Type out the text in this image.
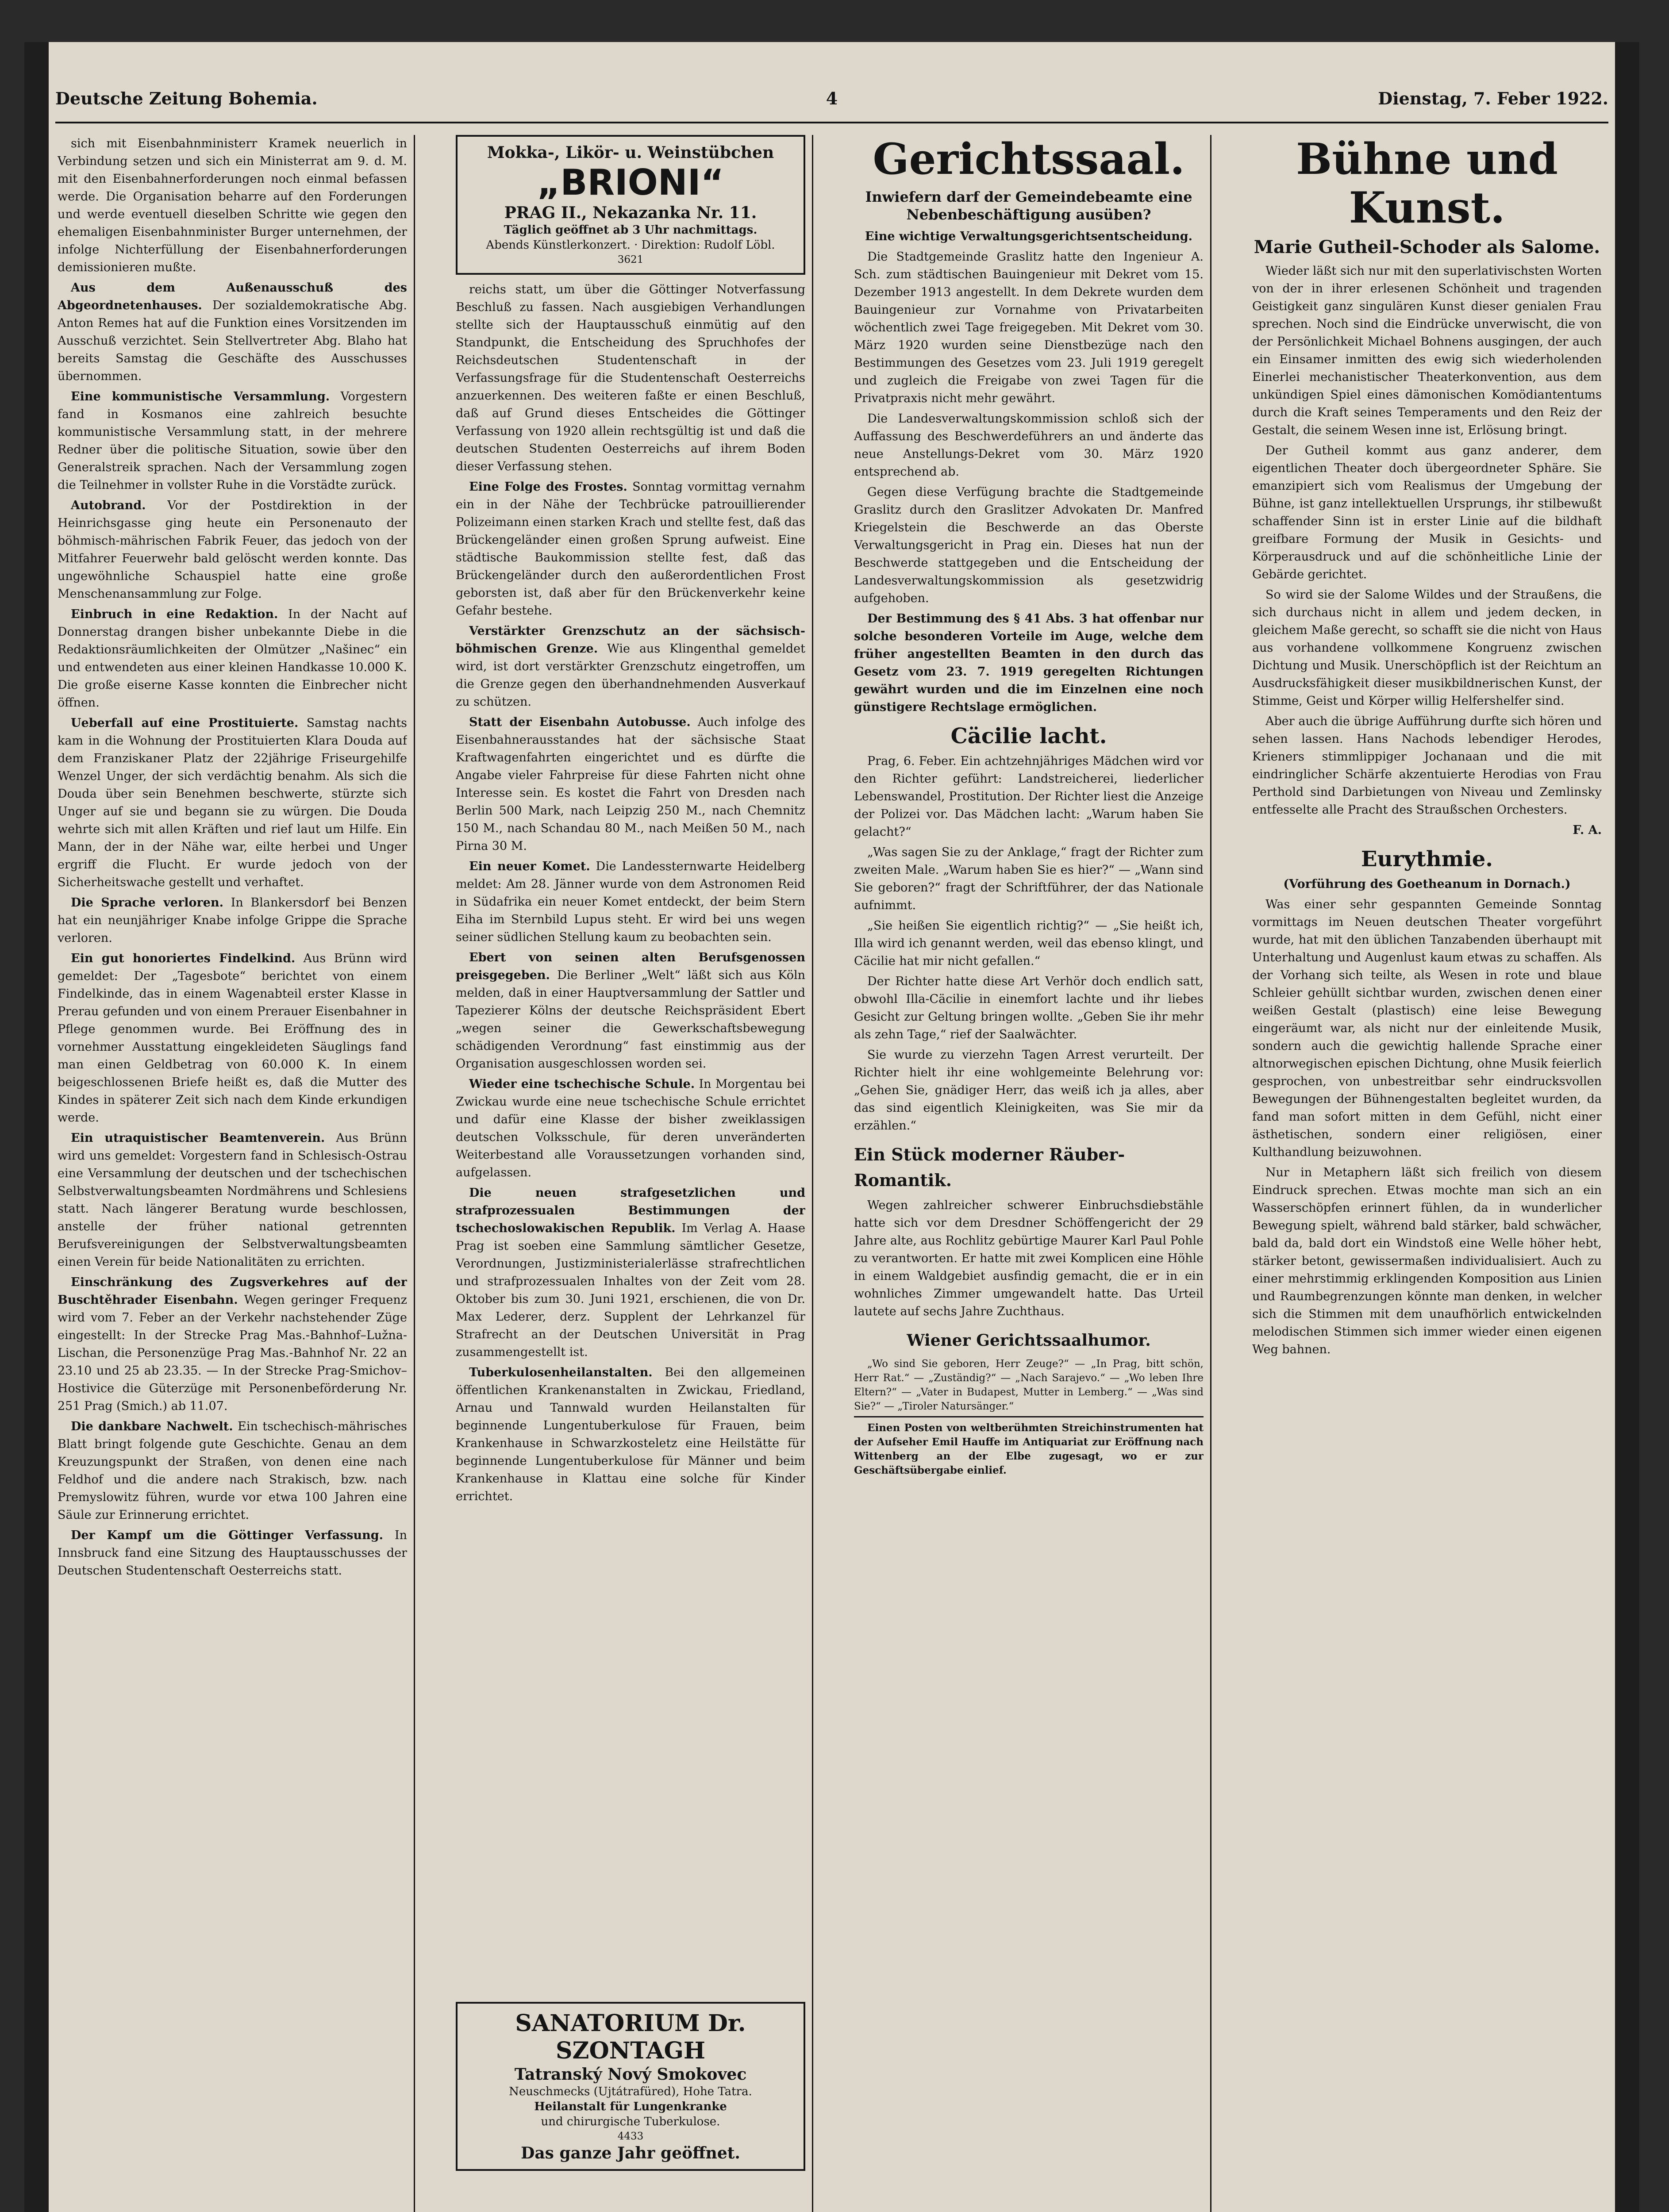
Deutsche Zeitung Bohemia.	4	Dienstag, 7. Feber 1922.

sich mit Eisenbahnministerr Kramek neuerlich in Verbindung setzen und sich ein Ministerrat am 9. d. M. mit den Eisenbahnerforderungen noch einmal befassen werde. Die Organisation beharre auf den Forderungen und werde eventuell dieselben Schritte wie gegen den ehemaligen Eisenbahnminister Burger unternehmen, der infolge Nichterfüllung der Eisenbahnerforderungen demissionieren mußte.

Aus dem Außenausschuß des Abgeordnetenhauses. Der sozialdemokratische Abg. Anton Remes hat auf die Funktion eines Vorsitzenden im Ausschuß verzichtet. Sein Stellvertreter Abg. Blaho hat bereits Samstag die Geschäfte des Ausschusses übernommen.

Eine kommunistische Versammlung. Vorgestern fand in Kosmanos eine zahlreich besuchte kommunistische Versammlung statt, in der mehrere Redner über die politische Situation, sowie über den Generalstreik sprachen. Nach der Versammlung zogen die Teilnehmer in vollster Ruhe in die Vorstädte zurück.

Autobrand. Vor der Postdirektion in der Heinrichsgasse ging heute ein Personenauto der böhmisch-mährischen Fabrik Feuer, das jedoch von der Mitfahrer Feuerwehr bald gelöscht werden konnte. Das ungewöhnliche Schauspiel hatte eine große Menschenansammlung zur Folge.

Einbruch in eine Redaktion. In der Nacht auf Donnerstag drangen bisher unbekannte Diebe in die Redaktionsräumlichkeiten der Olmützer „Našinec“ ein und entwendeten aus einer kleinen Handkasse 10.000 K. Die große eiserne Kasse konnten die Einbrecher nicht öffnen.

Ueberfall auf eine Prostituierte. Samstag nachts kam in die Wohnung der Prostituierten Klara Douda auf dem Franziskaner Platz der 22jährige Friseurgehilfe Wenzel Unger, der sich verdächtig benahm. Als sich die Douda über sein Benehmen beschwerte, stürzte sich Unger auf sie und begann sie zu würgen. Die Douda wehrte sich mit allen Kräften und rief laut um Hilfe. Ein Mann, der in der Nähe war, eilte herbei und Unger ergriff die Flucht. Er wurde jedoch von der Sicherheitswache gestellt und verhaftet.

Die Sprache verloren. In Blankersdorf bei Benzen hat ein neunjähriger Knabe infolge Grippe die Sprache verloren.

Ein gut honoriertes Findelkind. Aus Brünn wird gemeldet: Der „Tagesbote“ berichtet von einem Findelkinde, das in einem Wagenabteil erster Klasse in Prerau gefunden und von einem Prerauer Eisenbahner in Pflege genommen wurde. Bei Eröffnung des in vornehmer Ausstattung eingekleideten Säuglings fand man einen Geldbetrag von 60.000 K. In einem beigeschlossenen Briefe heißt es, daß die Mutter des Kindes in späterer Zeit sich nach dem Kinde erkundigen werde.

Ein utraquistischer Beamtenverein. Aus Brünn wird uns gemeldet: Vorgestern fand in Schlesisch-Ostrau eine Versammlung der deutschen und der tschechischen Selbstverwaltungsbeamten Nordmährens und Schlesiens statt. Nach längerer Beratung wurde beschlossen, anstelle der früher national getrennten Berufsvereinigungen der Selbstverwaltungsbeamten einen Verein für beide Nationalitäten zu errichten.

Einschränkung des Zugsverkehres auf der Buschtěhrader Eisenbahn. Wegen geringer Frequenz wird vom 7. Feber an der Verkehr nachstehender Züge eingestellt: In der Strecke Prag Mas.-Bahnhof–Lužna-Lischan, die Personenzüge Prag Mas.-Bahnhof Nr. 22 an 23.10 und 25 ab 23.35. — In der Strecke Prag-Smichov–Hostivice die Güterzüge mit Personenbeförderung Nr. 251 Prag (Smich.) ab 11.07.

Die dankbare Nachwelt. Ein tschechisch-mährisches Blatt bringt folgende gute Geschichte. Genau an dem Kreuzungspunkt der Straßen, von denen eine nach Feldhof und die andere nach Strakisch, bzw. nach Premyslowitz führen, wurde vor etwa 100 Jahren eine Säule zur Erinnerung errichtet.

Der Kampf um die Göttinger Verfassung. In Innsbruck fand eine Sitzung des Hauptausschusses der Deutschen Studentenschaft Oesterreichs statt.

Mokka-, Likör- u. Weinstübchen

„BRIONI“

PRAG II., Nekazanka Nr. 11.

Täglich geöffnet ab 3 Uhr nachmittags.

Abends Künstlerkonzert. · Direktion: Rudolf Löbl.

3621

reichs statt, um über die Göttinger Notverfassung Beschluß zu fassen. Nach ausgiebigen Verhandlungen stellte sich der Hauptausschuß einmütig auf den Standpunkt, die Entscheidung des Spruchhofes der Reichsdeutschen Studentenschaft in der Verfassungsfrage für die Studentenschaft Oesterreichs anzuerkennen. Des weiteren faßte er einen Beschluß, daß auf Grund dieses Entscheides die Göttinger Verfassung von 1920 allein rechtsgültig ist und daß die deutschen Studenten Oesterreichs auf ihrem Boden dieser Verfassung stehen.

Eine Folge des Frostes. Sonntag vormittag vernahm ein in der Nähe der Techbrücke patrouillierender Polizeimann einen starken Krach und stellte fest, daß das Brückengeländer einen großen Sprung aufweist. Eine städtische Baukommission stellte fest, daß das Brückengeländer durch den außerordentlichen Frost geborsten ist, daß aber für den Brückenverkehr keine Gefahr bestehe.

Verstärkter Grenzschutz an der sächsisch-böhmischen Grenze. Wie aus Klingenthal gemeldet wird, ist dort verstärkter Grenzschutz eingetroffen, um die Grenze gegen den überhandnehmenden Ausverkauf zu schützen.

Statt der Eisenbahn Autobusse. Auch infolge des Eisenbahnerausstandes hat der sächsische Staat Kraftwagenfahrten eingerichtet und es dürfte die Angabe vieler Fahrpreise für diese Fahrten nicht ohne Interesse sein. Es kostet die Fahrt von Dresden nach Berlin 500 Mark, nach Leipzig 250 M., nach Chemnitz 150 M., nach Schandau 80 M., nach Meißen 50 M., nach Pirna 30 M.

Ein neuer Komet. Die Landessternwarte Heidelberg meldet: Am 28. Jänner wurde von dem Astronomen Reid in Südafrika ein neuer Komet entdeckt, der beim Stern Eiha im Sternbild Lupus steht. Er wird bei uns wegen seiner südlichen Stellung kaum zu beobachten sein.

Ebert von seinen alten Berufsgenossen preisgegeben. Die Berliner „Welt“ läßt sich aus Köln melden, daß in einer Hauptversammlung der Sattler und Tapezierer Kölns der deutsche Reichspräsident Ebert „wegen seiner die Gewerkschaftsbewegung schädigenden Verordnung“ fast einstimmig aus der Organisation ausgeschlossen worden sei.

Wieder eine tschechische Schule. In Morgentau bei Zwickau wurde eine neue tschechische Schule errichtet und dafür eine Klasse der bisher zweiklassigen deutschen Volksschule, für deren unveränderten Weiterbestand alle Voraussetzungen vorhanden sind, aufgelassen.

Die neuen strafgesetzlichen und strafprozessualen Bestimmungen der tschechoslowakischen Republik. Im Verlag A. Haase Prag ist soeben eine Sammlung sämtlicher Gesetze, Verordnungen, Justizministerialerlässe strafrechtlichen und strafprozessualen Inhaltes von der Zeit vom 28. Oktober bis zum 30. Juni 1921, erschienen, die von Dr. Max Lederer, derz. Supplent der Lehrkanzel für Strafrecht an der Deutschen Universität in Prag zusammengestellt ist.

Tuberkulosenheilanstalten. Bei den allgemeinen öffentlichen Krankenanstalten in Zwickau, Friedland, Arnau und Tannwald wurden Heilanstalten für beginnende Lungentuberkulose für Frauen, beim Krankenhause in Schwarzkosteletz eine Heilstätte für beginnende Lungentuberkulose für Männer und beim Krankenhause in Klattau eine solche für Kinder errichtet.

SANATORIUM Dr. SZONTAGH

Tatranský Nový Smokovec

Neuschmecks (Ujtátrafüred), Hohe Tatra.

Heilanstalt für Lungenkranke

und chirurgische Tuberkulose.

4433

Das ganze Jahr geöffnet.

Gerichtssaal.

Inwiefern darf der Gemeindebeamte eine Nebenbeschäftigung ausüben?

Eine wichtige Verwaltungsgerichtsentscheidung.

Die Stadtgemeinde Graslitz hatte den Ingenieur A. Sch. zum städtischen Bauingenieur mit Dekret vom 15. Dezember 1913 angestellt. In dem Dekrete wurden dem Bauingenieur zur Vornahme von Privatarbeiten wöchentlich zwei Tage freigegeben. Mit Dekret vom 30. März 1920 wurden seine Dienstbezüge nach den Bestimmungen des Gesetzes vom 23. Juli 1919 geregelt und zugleich die Freigabe von zwei Tagen für die Privatpraxis nicht mehr gewährt.

Die Landesverwaltungskommission schloß sich der Auffassung des Beschwerdeführers an und änderte das neue Anstellungs-Dekret vom 30. März 1920 entsprechend ab.

Gegen diese Verfügung brachte die Stadtgemeinde Graslitz durch den Graslitzer Advokaten Dr. Manfred Kriegelstein die Beschwerde an das Oberste Verwaltungsgericht in Prag ein. Dieses hat nun der Beschwerde stattgegeben und die Entscheidung der Landesverwaltungskommission als gesetzwidrig aufgehoben.

Der Bestimmung des § 41 Abs. 3 hat offenbar nur solche besonderen Vorteile im Auge, welche dem früher angestellten Beamten in den durch das Gesetz vom 23. 7. 1919 geregelten Richtungen gewährt wurden und die im Einzelnen eine noch günstigere Rechtslage ermöglichen.

Cäcilie lacht.

Prag, 6. Feber. Ein achtzehnjähriges Mädchen wird vor den Richter geführt: Landstreicherei, liederlicher Lebenswandel, Prostitution. Der Richter liest die Anzeige der Polizei vor. Das Mädchen lacht: „Warum haben Sie gelacht?“

„Was sagen Sie zu der Anklage,“ fragt der Richter zum zweiten Male. „Warum haben Sie es hier?“ — „Wann sind Sie geboren?“ fragt der Schriftführer, der das Nationale aufnimmt.

„Sie heißen Sie eigentlich richtig?“ — „Sie heißt ich, Illa wird ich genannt werden, weil das ebenso klingt, und Cäcilie hat mir nicht gefallen.“

Der Richter hatte diese Art Verhör doch endlich satt, obwohl Illa-Cäcilie in einemfort lachte und ihr liebes Gesicht zur Geltung bringen wollte. „Geben Sie ihr mehr als zehn Tage,“ rief der Saalwächter.

Sie wurde zu vierzehn Tagen Arrest verurteilt. Der Richter hielt ihr eine wohlgemeinte Belehrung vor: „Gehen Sie, gnädiger Herr, das weiß ich ja alles, aber das sind eigentlich Kleinigkeiten, was Sie mir da erzählen.“

Ein Stück moderner Räuber-Romantik.

Wegen zahlreicher schwerer Einbruchsdiebstähle hatte sich vor dem Dresdner Schöffengericht der 29 Jahre alte, aus Rochlitz gebürtige Maurer Karl Paul Pohle zu verantworten. Er hatte mit zwei Komplicen eine Höhle in einem Waldgebiet ausfindig gemacht, die er in ein wohnliches Zimmer umgewandelt hatte. Das Urteil lautete auf sechs Jahre Zuchthaus.

Wiener Gerichtssaalhumor.

„Wo sind Sie geboren, Herr Zeuge?“ — „In Prag, bitt schön, Herr Rat.“ — „Zuständig?“ — „Nach Sarajevo.“ — „Wo leben Ihre Eltern?“ — „Vater in Budapest, Mutter in Lemberg.“ — „Was sind Sie?“ — „Tiroler Natursänger.“

Einen Posten von weltberühmten Streichinstrumenten hat der Aufseher Emil Hauffe im Antiquariat zur Eröffnung nach Wittenberg an der Elbe zugesagt, wo er zur Geschäftsübergabe einlief.

Bühne und Kunst.

Marie Gutheil-Schoder als Salome.

Wieder läßt sich nur mit den superlativischsten Worten von der in ihrer erlesenen Schönheit und tragenden Geistigkeit ganz singulären Kunst dieser genialen Frau sprechen. Noch sind die Eindrücke unverwischt, die von der Persönlichkeit Michael Bohnens ausgingen, der auch ein Einsamer inmitten des ewig sich wiederholenden Einerlei mechanistischer Theaterkonvention, aus dem unkündigen Spiel eines dämonischen Komödiantentums durch die Kraft seines Temperaments und den Reiz der Gestalt, die seinem Wesen inne ist, Erlösung bringt.

Der Gutheil kommt aus ganz anderer, dem eigentlichen Theater doch übergeordneter Sphäre. Sie emanzipiert sich vom Realismus der Umgebung der Bühne, ist ganz intellektuellen Ursprungs, ihr stilbewußt schaffender Sinn ist in erster Linie auf die bildhaft greifbare Formung der Musik in Gesichts- und Körperausdruck und auf die schönheitliche Linie der Gebärde gerichtet.

So wird sie der Salome Wildes und der Straußens, die sich durchaus nicht in allem und jedem decken, in gleichem Maße gerecht, so schafft sie die nicht von Haus aus vorhandene vollkommene Kongruenz zwischen Dichtung und Musik. Unerschöpflich ist der Reichtum an Ausdrucksfähigkeit dieser musikbildnerischen Kunst, der Stimme, Geist und Körper willig Helfershelfer sind.

Aber auch die übrige Aufführung durfte sich hören und sehen lassen. Hans Nachods lebendiger Herodes, Krieners stimmlippiger Jochanaan und die mit eindringlicher Schärfe akzentuierte Herodias von Frau Perthold sind Darbietungen von Niveau und Zemlinsky entfesselte alle Pracht des Straußschen Orchesters.

F. A.

Eurythmie.

(Vorführung des Goetheanum in Dornach.)

Was einer sehr gespannten Gemeinde Sonntag vormittags im Neuen deutschen Theater vorgeführt wurde, hat mit den üblichen Tanzabenden überhaupt mit Unterhaltung und Augenlust kaum etwas zu schaffen. Als der Vorhang sich teilte, als Wesen in rote und blaue Schleier gehüllt sichtbar wurden, zwischen denen einer weißen Gestalt (plastisch) eine leise Bewegung eingeräumt war, als nicht nur der einleitende Musik, sondern auch die gewichtig hallende Sprache einer altnorwegischen epischen Dichtung, ohne Musik feierlich gesprochen, von unbestreitbar sehr eindrucksvollen Bewegungen der Bühnengestalten begleitet wurden, da fand man sofort mitten in dem Gefühl, nicht einer ästhetischen, sondern einer religiösen, einer Kulthandlung beizuwohnen.

Nur in Metaphern läßt sich freilich von diesem Eindruck sprechen. Etwas mochte man sich an ein Wasserschöpfen erinnert fühlen, da in wunderlicher Bewegung spielt, während bald stärker, bald schwächer, bald da, bald dort ein Windstoß eine Welle höher hebt, stärker betont, gewissermaßen individualisiert. Auch zu einer mehrstimmig erklingenden Komposition aus Linien und Raumbegrenzungen könnte man denken, in welcher sich die Stimmen mit dem unaufhörlich entwickelnden melodischen Stimmen sich immer wieder einen eigenen Weg bahnen.
